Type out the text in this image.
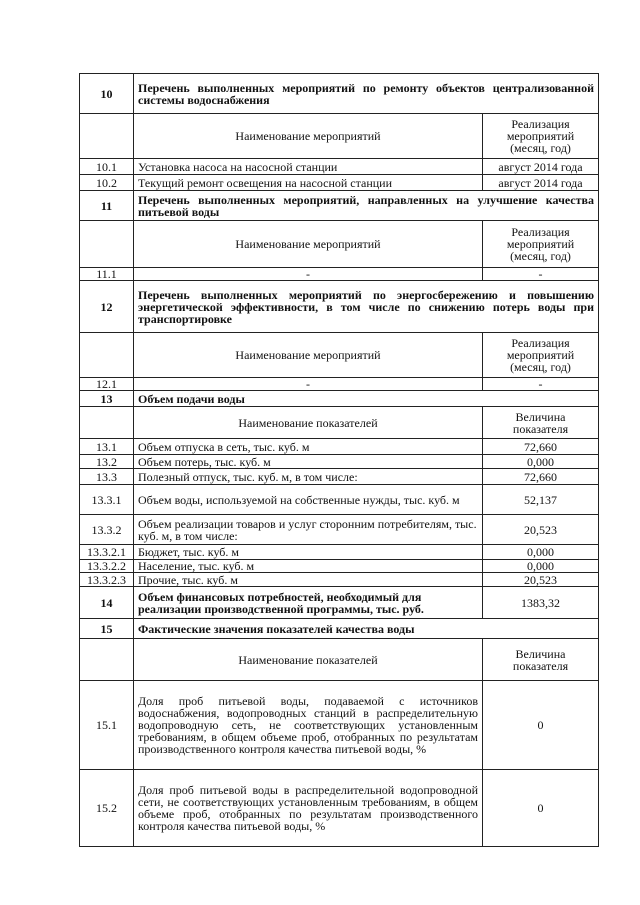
10	Перечень выполненных мероприятий по ремонту объектов централизованной системы водоснабжения	
	Наименование мероприятий	Реализация
мероприятий
(месяц, год)
10.1	Установка насоса на насосной станции	август 2014 года
10.2	Текущий ремонт освещения на насосной станции	август 2014 года
11	Перечень выполненных мероприятий, направленных на улучшение качества питьевой воды	
	Наименование мероприятий	Реализация
мероприятий
(месяц, год)
11.1	-	-
12	Перечень выполненных мероприятий по энергосбережению и повышению энергетической эффективности, в том числе по снижению потерь воды при транспортировке	
	Наименование мероприятий	Реализация
мероприятий
(месяц, год)
12.1	-	-
13	Объем подачи воды	
	Наименование показателей	Величина
показателя
13.1	Объем отпуска в сеть, тыс. куб. м	72,660
13.2	Объем потерь, тыс. куб. м	0,000
13.3	Полезный отпуск, тыс. куб. м, в том числе:	72,660
13.3.1	Объем воды, используемой на собственные нужды, тыс. куб. м	52,137
13.3.2	Объем реализации товаров и услуг сторонним потребителям, тыс. куб. м, в том числе:	20,523
13.3.2.1	Бюджет, тыс. куб. м	0,000
13.3.2.2	Население, тыс. куб. м	0,000
13.3.2.3	Прочие, тыс. куб. м	20,523
14	Объем финансовых потребностей, необходимый для реализации производственной программы, тыс. руб.	1383,32
15	Фактические значения показателей качества воды	
	Наименование показателей	Величина
показателя
15.1	Доля проб питьевой воды, подаваемой с источников водоснабжения, водопроводных станций в распределительную водопроводную сеть, не соответствующих установленным требованиям, в общем объеме проб, отобранных по результатам производственного контроля качества питьевой воды, %	0
15.2	Доля проб питьевой воды в распределительной водопроводной сети, не соответствующих установленным требованиям, в общем объеме проб, отобранных по результатам производственного контроля качества питьевой воды, %	0
